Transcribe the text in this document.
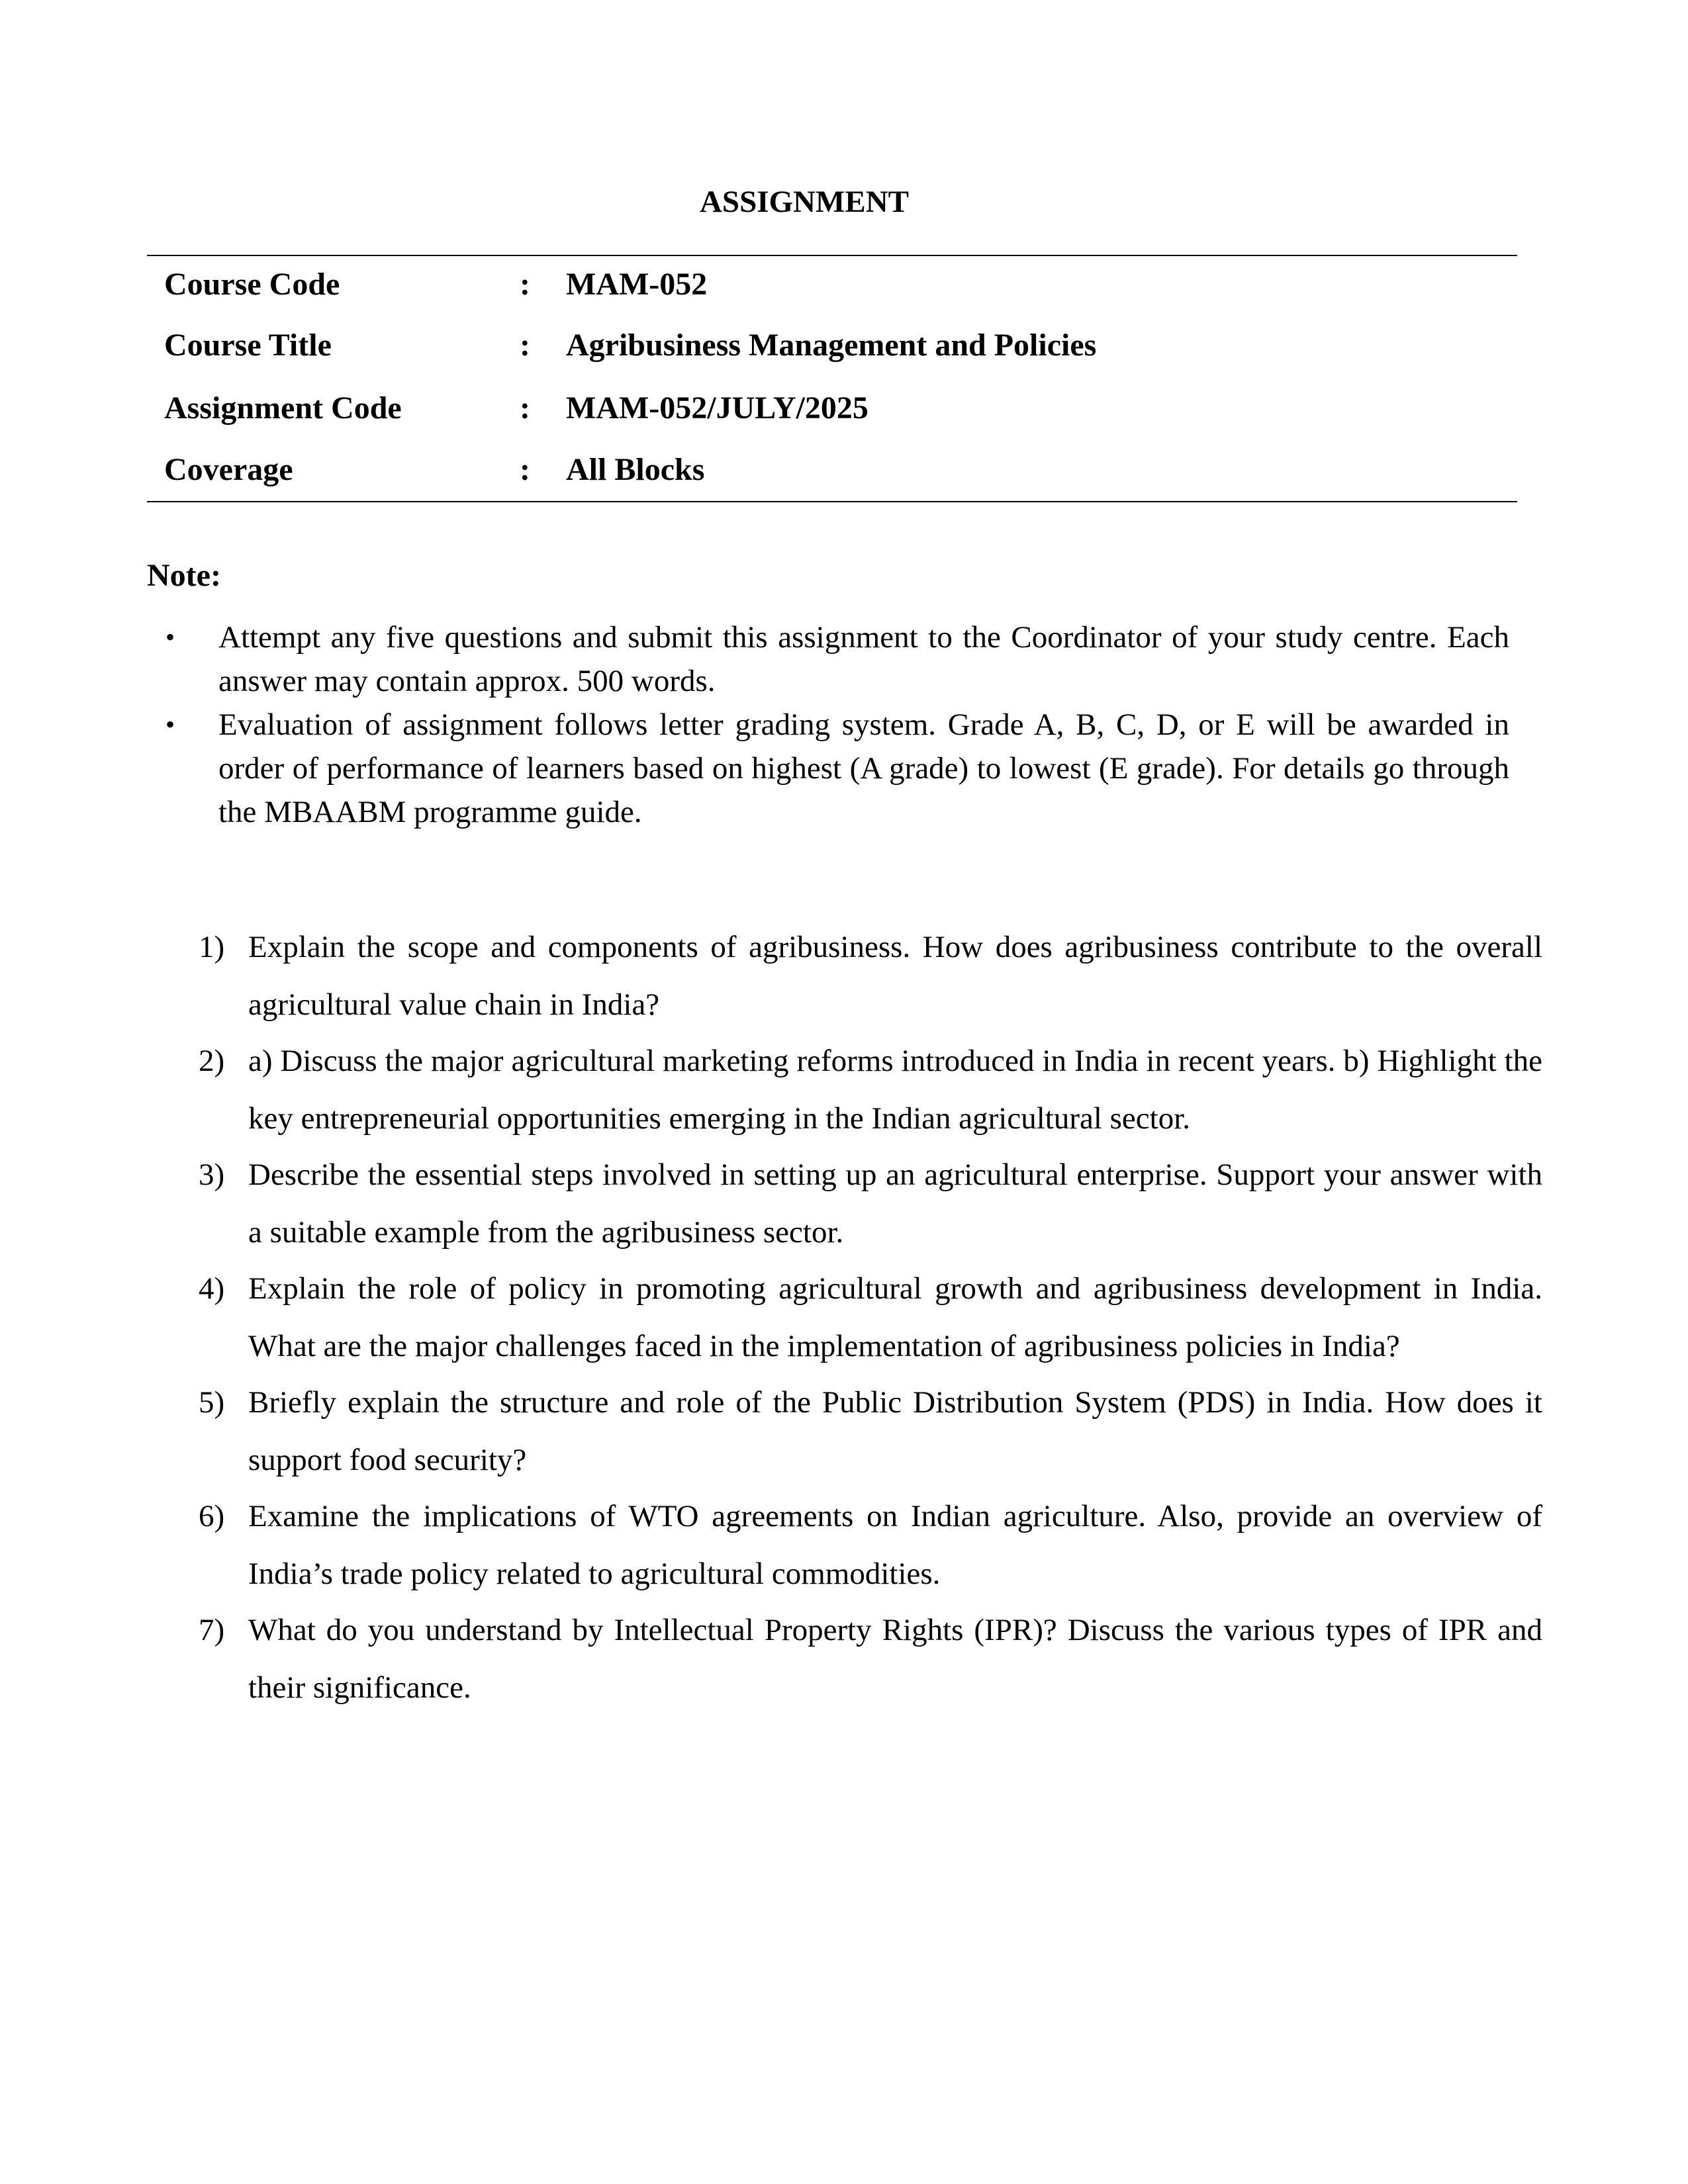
ASSIGNMENT
Course Code	: MAM-052
Course Title	: Agribusiness Management and Policies
Assignment Code	: MAM-052/JULY/2025
Coverage	: All Blocks
Note:
• Attempt any five questions and submit this assignment to the Coordinator of your study centre. Each answer may contain approx. 500 words.
• Evaluation of assignment follows letter grading system. Grade A, B, C, D, or E will be awarded in order of performance of learners based on highest (A grade) to lowest (E grade). For details go through the MBAABM programme guide.
1) Explain the scope and components of agribusiness. How does agribusiness contribute to the overall agricultural value chain in India?
2) a) Discuss the major agricultural marketing reforms introduced in India in recent years. b) Highlight the key entrepreneurial opportunities emerging in the Indian agricultural sector.
3) Describe the essential steps involved in setting up an agricultural enterprise. Support your answer with a suitable example from the agribusiness sector.
4) Explain the role of policy in promoting agricultural growth and agribusiness development in India. What are the major challenges faced in the implementation of agribusiness policies in India?
5) Briefly explain the structure and role of the Public Distribution System (PDS) in India. How does it support food security?
6) Examine the implications of WTO agreements on Indian agriculture. Also, provide an overview of India’s trade policy related to agricultural commodities.
7) What do you understand by Intellectual Property Rights (IPR)? Discuss the various types of IPR and their significance.
